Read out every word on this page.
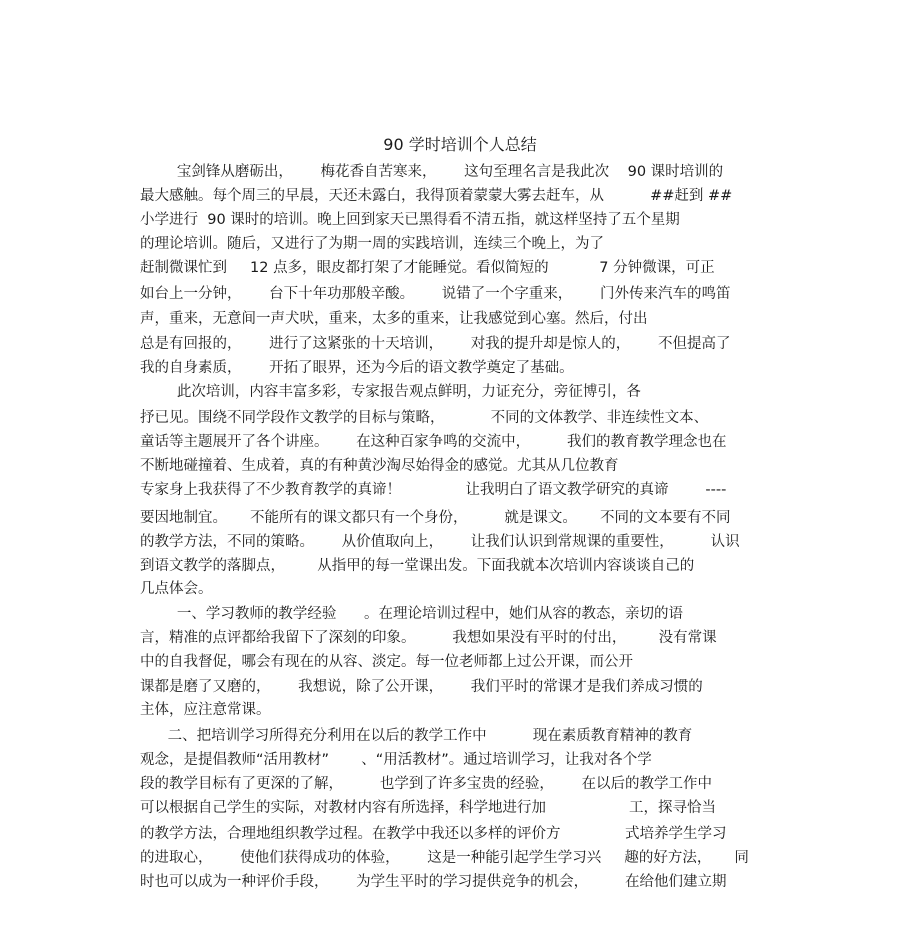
90 学时培训个人总结
宝剑锋从磨砺出，      梅花香自苦寒来，      这句至理名言是我此次    90 课时培训的
最大感触。每个周三的早晨，天还未露白，我得顶着蒙蒙大雾去赶车，从          ##赶到 ##
小学进行  90 课时的培训。晚上回到家天已黑得看不清五指，就这样坚持了五个星期
的理论培训。随后，又进行了为期一周的实践培训，连续三个晚上，为了
赶制微课忙到     12 点多，眼皮都打架了才能睡觉。看似简短的           7 分钟微课，可正
如台上一分钟，      台下十年功那般辛酸。      说错了一个字重来，      门外传来汽车的鸣笛
声，重来，无意间一声犬吠，重来，太多的重来，让我感觉到心塞。然后，付出
总是有回报的，      进行了这紧张的十天培训，      对我的提升却是惊人的，      不但提高了
我的自身素质，      开拓了眼界，还为今后的语文教学奠定了基础。
此次培训，内容丰富多彩，专家报告观点鲜明，力证充分，旁征博引，各
抒已见。围绕不同学段作文教学的目标与策略，          不同的文体教学、非连续性文本、
童话等主题展开了各个讲座。      在这种百家争鸣的交流中，        我们的教育教学理念也在
不断地碰撞着、生成着，真的有种黄沙淘尽始得金的感觉。尤其从几位教育
专家身上我获得了不少教育教学的真谛！              让我明白了语文教学研究的真谛        ----
要因地制宜。     不能所有的课文都只有一个身份，        就是课文。     不同的文本要有不同
的教学方法，不同的策略。      从价值取向上，      让我们认识到常规课的重要性，        认识
到语文教学的落脚点，       从指甲的每一堂课出发。下面我就本次培训内容谈谈自己的
几点体会。
一、学习教师的教学经验      。在理论培训过程中，她们从容的教态，亲切的语
言，精准的点评都给我留下了深刻的印象。        我想如果没有平时的付出，       没有常课
中的自我督促，哪会有现在的从容、淡定。每一位老师都上过公开课，而公开
课都是磨了又磨的，      我想说，除了公开课，      我们平时的常课才是我们养成习惯的
主体，应注意常课。
二、把培训学习所得充分利用在以后的教学工作中          现在素质教育精神的教育
观念，是提倡教师“活用教材”       、“用活教材”。通过培训学习，让我对各个学
段的教学目标有了更深的了解，        也学到了许多宝贵的经验，      在以后的教学工作中
可以根据自己学生的实际，对教材内容有所选择，科学地进行加                  工，探寻恰当
的教学方法，合理地组织教学过程。在教学中我还以多样的评价方              式培养学生学习
的进取心，      使他们获得成功的体验，      这是一种能引起学生学习兴     趣的好方法，     同
时也可以成为一种评价手段，      为学生平时的学习提供竞争的机会，        在给他们建立期
